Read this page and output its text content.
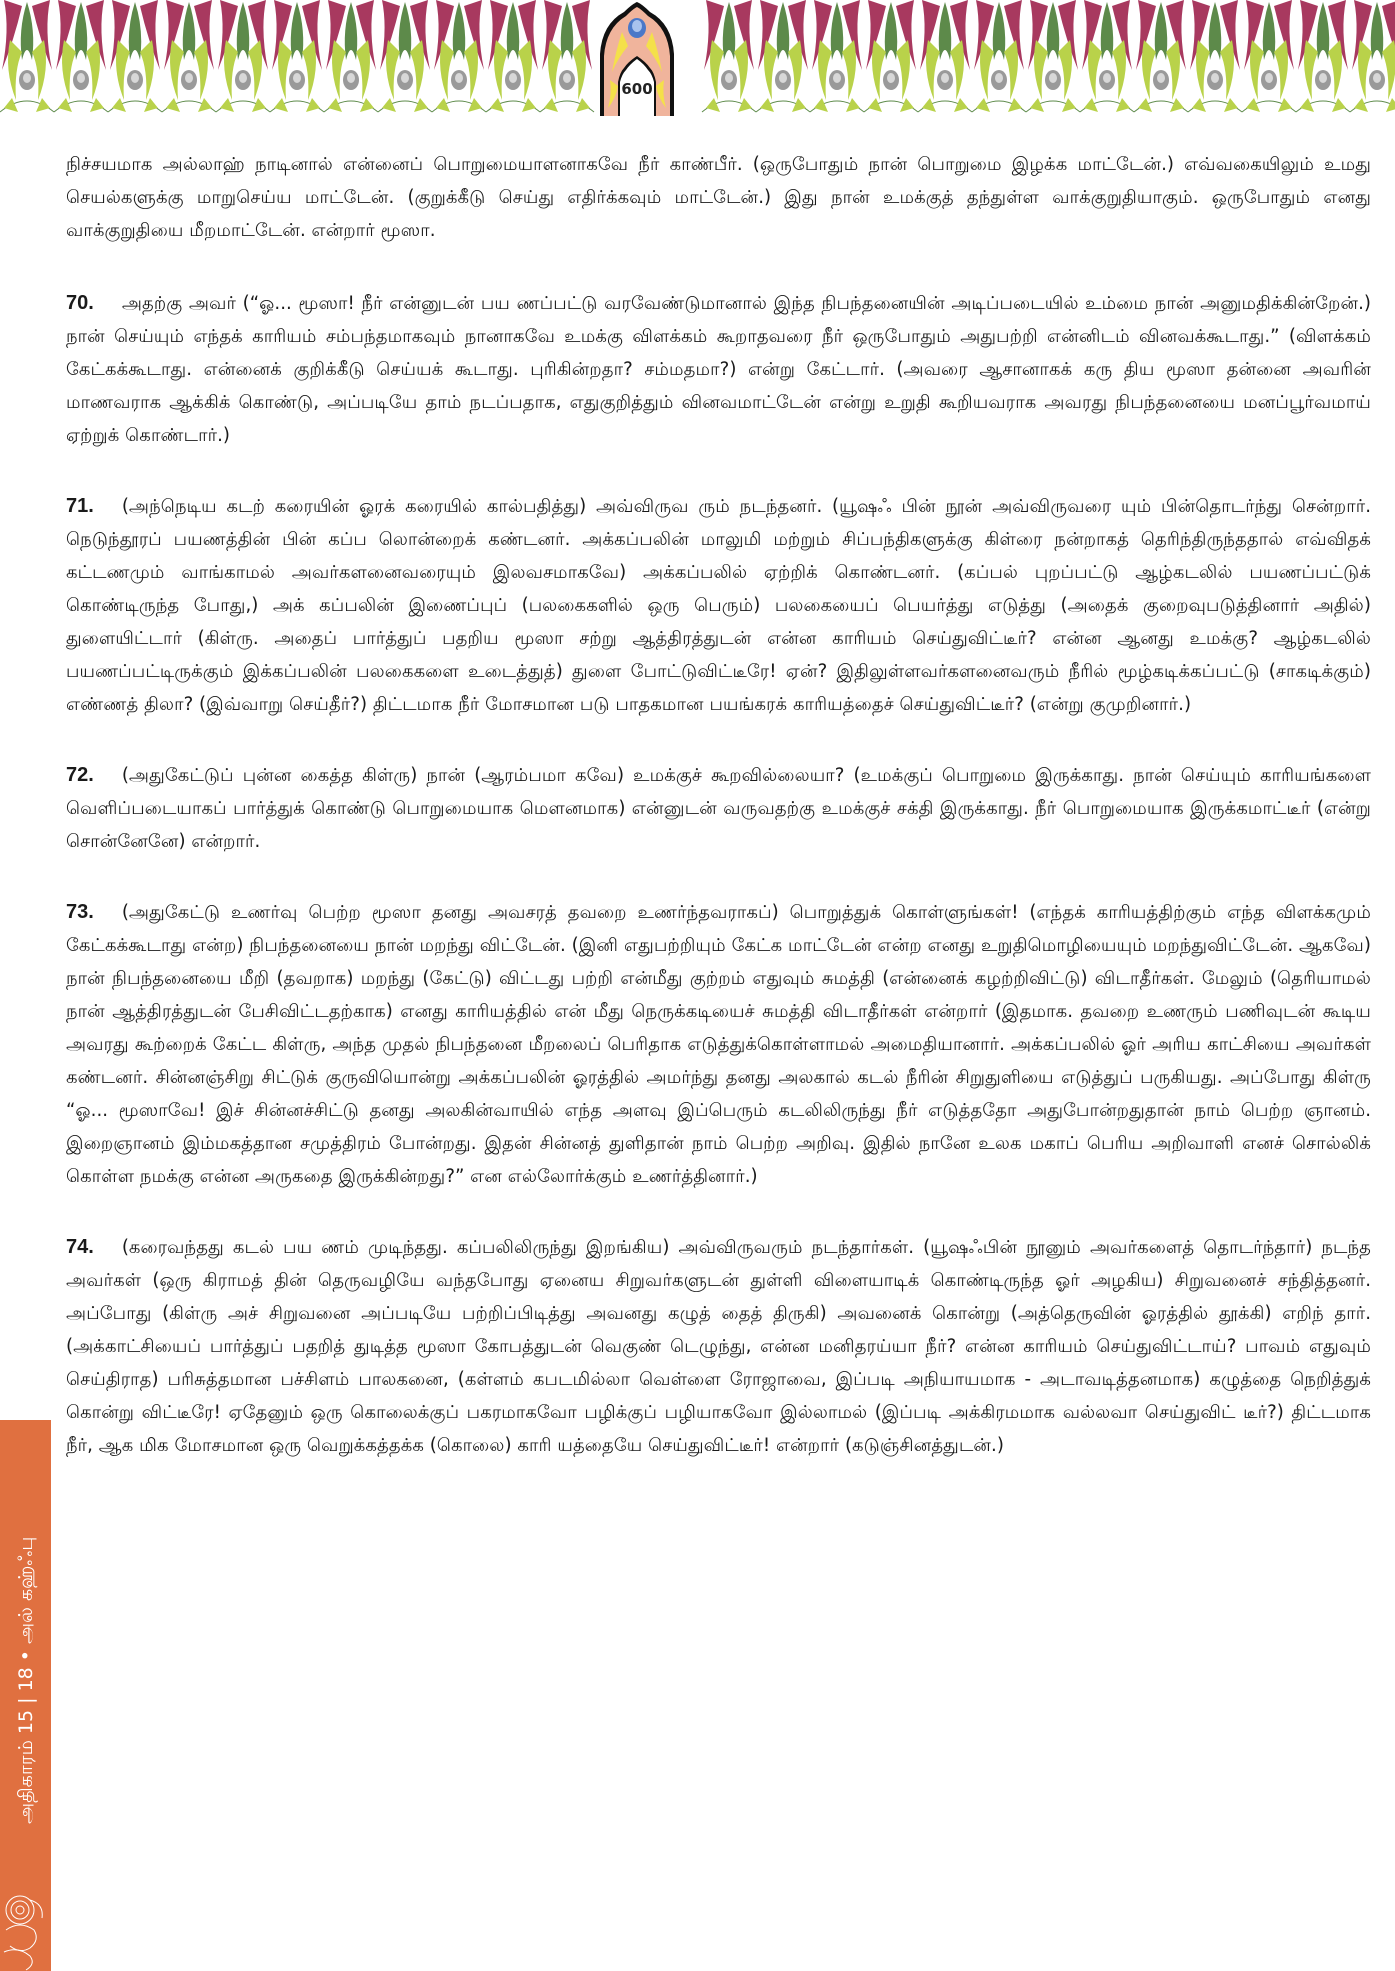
600

நிச்சயமாக அல்லாஹ் நாடினால் என்னைப் பொறுமையாளனாகவே நீர் காண்பீர். (ஒருபோதும் நான் பொறுமை இழக்க மாட்டேன்.) எவ்வகையிலும் உமது செயல்களுக்கு மாறுசெய்ய மாட்டேன். (குறுக்கீடு செய்து எதிர்க்கவும் மாட்டேன்.) இது நான் உமக்குத் தந்துள்ள வாக்குறுதியாகும். ஒருபோதும் எனது வாக்குறுதியை மீறமாட்டேன். என்றார் மூஸா.

70. அதற்கு அவர் (“ஓ... மூஸா! நீர் என்னுடன் பய ணப்பட்டு வரவேண்டுமானால் இந்த நிபந்தனையின் அடிப்படையில் உம்மை நான் அனுமதிக்கின்றேன்.) நான் செய்யும் எந்தக் காரியம் சம்பந்தமாகவும் நானாகவே உமக்கு விளக்கம் கூறாதவரை நீர் ஒருபோதும் அதுபற்றி என்னிடம் வினவக்கூடாது.” (விளக்கம் கேட்கக்கூடாது. என்னைக் குறிக்கீடு செய்யக் கூடாது. புரிகின்றதா? சம்மதமா?) என்று கேட்டார். (அவரை ஆசானாகக் கரு திய மூஸா தன்னை அவரின் மாணவராக ஆக்கிக் கொண்டு, அப்படியே தாம் நடப்பதாக, எதுகுறித்தும் வினவமாட்டேன் என்று உறுதி கூறியவராக அவரது நிபந்தனையை மனப்பூர்வமாய் ஏற்றுக் கொண்டார்.)

71. (அந்நெடிய கடற் கரையின் ஓரக் கரையில் கால்பதித்து) அவ்விருவ ரும் நடந்தனர். (யூஷஃ பின் நூன் அவ்விருவரை யும் பின்தொடர்ந்து சென்றார். நெடுந்தூரப் பயணத்தின் பின் கப்ப லொன்றைக் கண்டனர். அக்கப்பலின் மாலுமி மற்றும் சிப்பந்திகளுக்கு கிள்ரை நன்றாகத் தெரிந்திருந்ததால் எவ்விதக் கட்டணமும் வாங்காமல் அவர்களனைவரையும் இலவசமாகவே) அக்கப்பலில் ஏற்றிக் கொண்டனர். (கப்பல் புறப்பட்டு ஆழ்கடலில் பயணப்பட்டுக் கொண்டிருந்த போது,) அக் கப்பலின் இணைப்புப் (பலகைகளில் ஒரு பெரும்) பலகையைப் பெயர்த்து எடுத்து (அதைக் குறைவுபடுத்தினார் அதில்) துளையிட்டார் (கிள்ரு. அதைப் பார்த்துப் பதறிய மூஸா சற்று ஆத்திரத்துடன் என்ன காரியம் செய்துவிட்டீர்? என்ன ஆனது உமக்கு? ஆழ்கடலில் பயணப்பட்டிருக்கும் இக்கப்பலின் பலகைகளை உடைத்துத்) துளை போட்டுவிட்டீரே! ஏன்? இதிலுள்ளவர்களனைவரும் நீரில் மூழ்கடிக்கப்பட்டு (சாகடிக்கும்) எண்ணத் திலா? (இவ்வாறு செய்தீர்?) திட்டமாக நீர் மோசமான படு பாதகமான பயங்கரக் காரியத்தைச் செய்துவிட்டீர்? (என்று குமுறினார்.)

72. (அதுகேட்டுப் புன்ன கைத்த கிள்ரு) நான் (ஆரம்பமா கவே) உமக்குச் கூறவில்லையா? (உமக்குப் பொறுமை இருக்காது. நான் செய்யும் காரியங்களை வெளிப்படையாகப் பார்த்துக் கொண்டு பொறுமையாக மௌனமாக) என்னுடன் வருவதற்கு உமக்குச் சக்தி இருக்காது. நீர் பொறுமையாக இருக்கமாட்டீர் (என்று சொன்னேனே) என்றார்.

73. (அதுகேட்டு உணர்வு பெற்ற மூஸா தனது அவசரத் தவறை உணர்ந்தவராகப்) பொறுத்துக் கொள்ளுங்கள்! (எந்தக் காரியத்திற்கும் எந்த விளக்கமும் கேட்கக்கூடாது என்ற) நிபந்தனையை நான் மறந்து விட்டேன். (இனி எதுபற்றியும் கேட்க மாட்டேன் என்ற எனது உறுதிமொழியையும் மறந்துவிட்டேன். ஆகவே) நான் நிபந்தனையை மீறி (தவறாக) மறந்து (கேட்டு) விட்டது பற்றி என்மீது குற்றம் எதுவும் சுமத்தி (என்னைக் கழற்றிவிட்டு) விடாதீர்கள். மேலும் (தெரியாமல் நான் ஆத்திரத்துடன் பேசிவிட்டதற்காக) எனது காரியத்தில் என் மீது நெருக்கடியைச் சுமத்தி விடாதீர்கள் என்றார் (இதமாக. தவறை உணரும் பணிவுடன் கூடிய அவரது கூற்றைக் கேட்ட கிள்ரு, அந்த முதல் நிபந்தனை மீறலைப் பெரிதாக எடுத்துக்கொள்ளாமல் அமைதியானார். அக்கப்பலில் ஓர் அரிய காட்சியை அவர்கள் கண்டனர். சின்னஞ்சிறு சிட்டுக் குருவியொன்று அக்கப்பலின் ஓரத்தில் அமர்ந்து தனது அலகால் கடல் நீரின் சிறுதுளியை எடுத்துப் பருகியது. அப்போது கிள்ரு “ஓ... மூஸாவே! இச் சின்னச்சிட்டு தனது அலகின்வாயில் எந்த அளவு இப்பெரும் கடலிலிருந்து நீர் எடுத்ததோ அதுபோன்றதுதான் நாம் பெற்ற ஞானம். இறைஞானம் இம்மகத்தான சமுத்திரம் போன்றது. இதன் சின்னத் துளிதான் நாம் பெற்ற அறிவு. இதில் நானே உலக மகாப் பெரிய அறிவாளி எனச் சொல்லிக் கொள்ள நமக்கு என்ன அருகதை இருக்கின்றது?” என எல்லோர்க்கும் உணர்த்தினார்.)

74. (கரைவந்தது கடல் பய ணம் முடிந்தது. கப்பலிலிருந்து இறங்கிய) அவ்விருவரும் நடந்தார்கள். (யூஷஃபின் நூனும் அவர்களைத் தொடர்ந்தார்) நடந்த அவர்கள் (ஒரு கிராமத் தின் தெருவழியே வந்தபோது ஏனைய சிறுவர்களுடன் துள்ளி விளையாடிக் கொண்டிருந்த ஓர் அழகிய) சிறுவனைச் சந்தித்தனர். அப்போது (கிள்ரு அச் சிறுவனை அப்படியே பற்றிப்பிடித்து அவனது கழுத் தைத் திருகி) அவனைக் கொன்று (அத்தெருவின் ஓரத்தில் தூக்கி) எறிந் தார். (அக்காட்சியைப் பார்த்துப் பதறித் துடித்த மூஸா கோபத்துடன் வெகுண் டெழுந்து, என்ன மனிதரய்யா நீர்? என்ன காரியம் செய்துவிட்டாய்? பாவம் எதுவும் செய்திராத) பரிசுத்தமான பச்சிளம் பாலகனை, (கள்ளம் கபடமில்லா வெள்ளை ரோஜாவை, இப்படி அநியாயமாக - அடாவடித்தனமாக) கழுத்தை நெறித்துக் கொன்று விட்டீரே! ஏதேனும் ஒரு கொலைக்குப் பகரமாகவோ பழிக்குப் பழியாகவோ இல்லாமல் (இப்படி அக்கிரமமாக வல்லவா செய்துவிட் டீர்?) திட்டமாக நீர், ஆக மிக மோசமான ஒரு வெறுக்கத்தக்க (கொலை) காரி யத்தையே செய்துவிட்டீர்! என்றார் (கடுஞ்சினத்துடன்.)

அதிகாரம் 15 | 18 • அல் கஹ்ஃபு
